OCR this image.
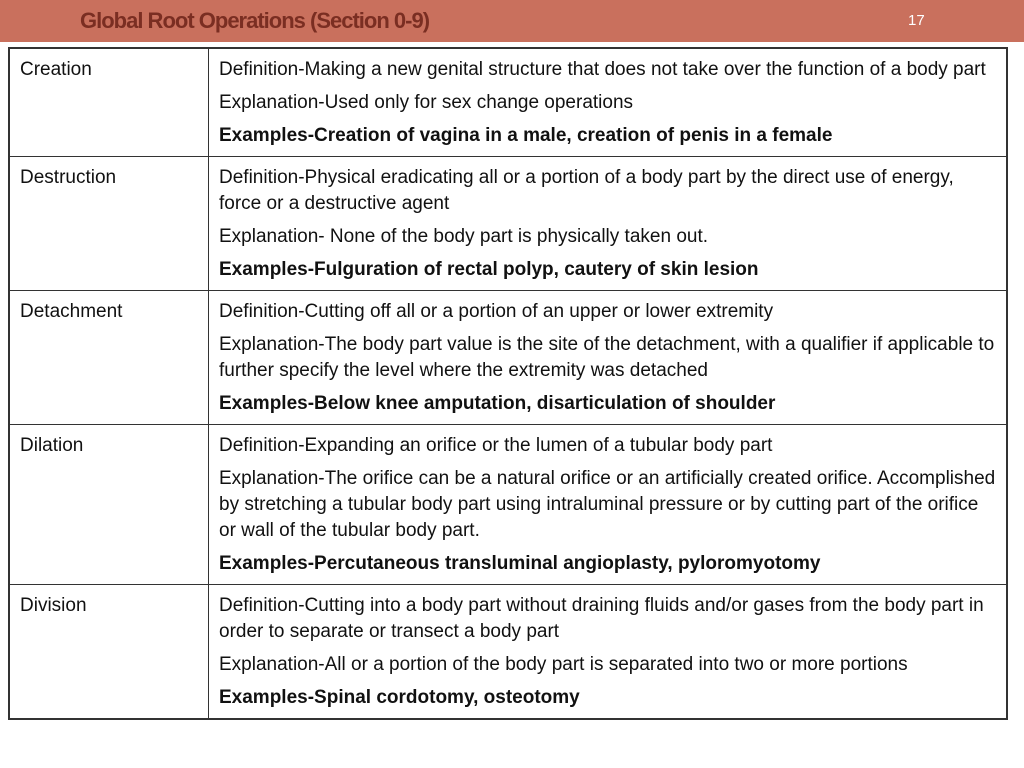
Global Root Operations (Section 0-9)	17
Creation	Definition-Making a new genital structure that does not take over the function of a body part

Explanation-Used only for sex change operations

Examples-Creation of vagina in a male, creation of penis in a female

Destruction	Definition-Physical eradicating all or a portion of a body part by the direct use of energy, force or a destructive agent

Explanation- None of the body part is physically taken out.

Examples-Fulguration of rectal polyp, cautery of skin lesion

Detachment	Definition-Cutting off all or a portion of an upper or lower extremity

Explanation-The body part value is the site of the detachment, with a qualifier if applicable to further specify the level where the extremity was detached

Examples-Below knee amputation, disarticulation of shoulder

Dilation	Definition-Expanding an orifice or the lumen of a tubular body part

Explanation-The orifice can be a natural orifice or an artificially created orifice. Accomplished by stretching a tubular body part using intraluminal pressure or by cutting part of the orifice or wall of the tubular body part.

Examples-Percutaneous transluminal angioplasty, pyloromyotomy

Division	Definition-Cutting into a body part without draining fluids and/or gases from the body part in order to separate or transect a body part

Explanation-All or a portion of the body part is separated into two or more portions

Examples-Spinal cordotomy, osteotomy
